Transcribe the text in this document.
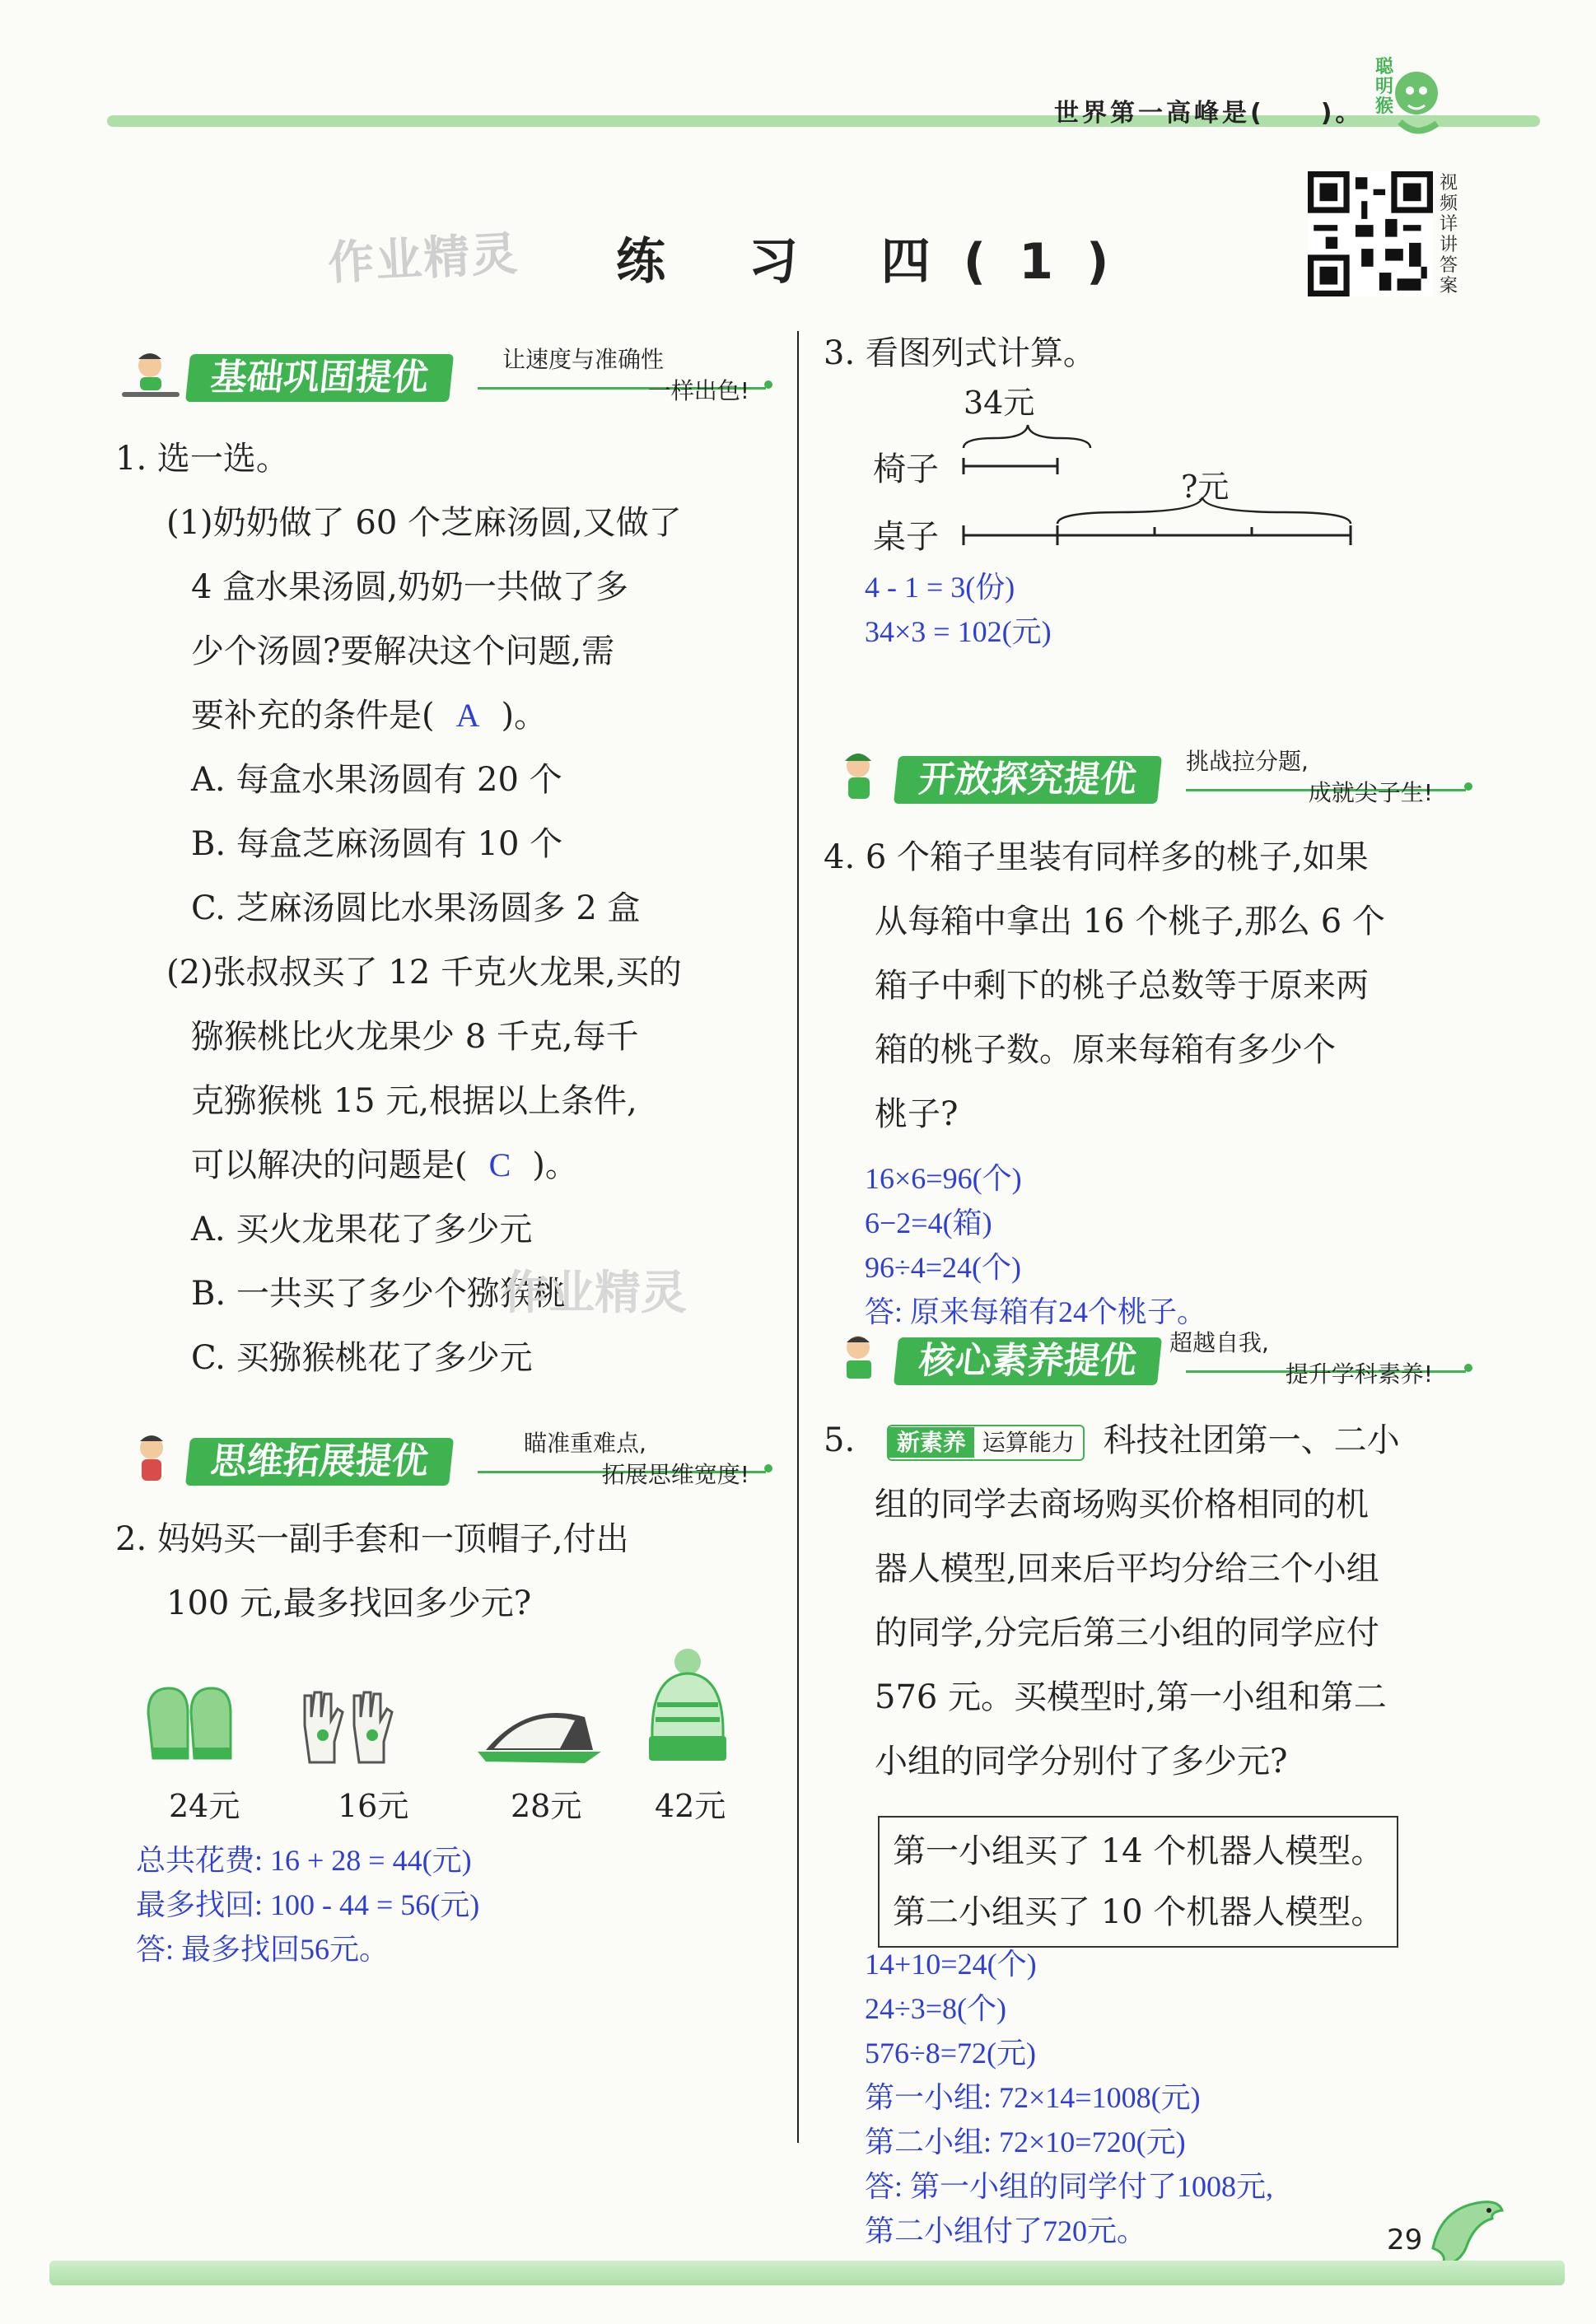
世界第一高峰是(　　)。
聪明猴
视频详讲答案
作业精灵 练 习 四(1)
基础巩固提优	让速度与准确性
一样出色!
1. 选一选。
(1)奶奶做了 60 个芝麻汤圆,又做了
4 盒水果汤圆,奶奶一共做了多
少个汤圆?要解决这个问题,需
要补充的条件是( A )。
A. 每盒水果汤圆有 20 个
B. 每盒芝麻汤圆有 10 个
C. 芝麻汤圆比水果汤圆多 2 盒
(2)张叔叔买了 12 千克火龙果,买的
猕猴桃比火龙果少 8 千克,每千
克猕猴桃 15 元,根据以上条件,
可以解决的问题是( C )。
A. 买火龙果花了多少元
B. 一共买了多少个猕猴桃
C. 买猕猴桃花了多少元
作业精灵
思维拓展提优	瞄准重难点,
拓展思维宽度!
2. 妈妈买一副手套和一顶帽子,付出
100 元,最多找回多少元?
24元	16元	28元 42元
总共花费: 16 + 28 = 44(元)
最多找回: 100 - 44 = 56(元)
答: 最多找回56元。
3. 看图列式计算。
34元
椅子
桌子
?元
4 - 1 = 3(份)
34×3 = 102(元)
开放探究提优	挑战拉分题,
成就尖子生!
4. 6 个箱子里装有同样多的桃子,如果
从每箱中拿出 16 个桃子,那么 6 个
箱子中剩下的桃子总数等于原来两
箱的桃子数。原来每箱有多少个
桃子?
16×6=96(个)
6−2=4(箱)
96÷4=24(个)
答: 原来每箱有24个桃子。
核心素养提优	超越自我,
提升学科素养!
5. 新素养 运算能力 科技社团第一、二小
组的同学去商场购买价格相同的机
器人模型,回来后平均分给三个小组
的同学,分完后第三小组的同学应付
576 元。买模型时,第一小组和第二
小组的同学分别付了多少元?
第一小组买了 14 个机器人模型。
第二小组买了 10 个机器人模型。
14+10=24(个)
24÷3=8(个)
576÷8=72(元)
第一小组: 72×14=1008(元)
第二小组: 72×10=720(元)
答: 第一小组的同学付了1008元,
第二小组付了720元。	29
